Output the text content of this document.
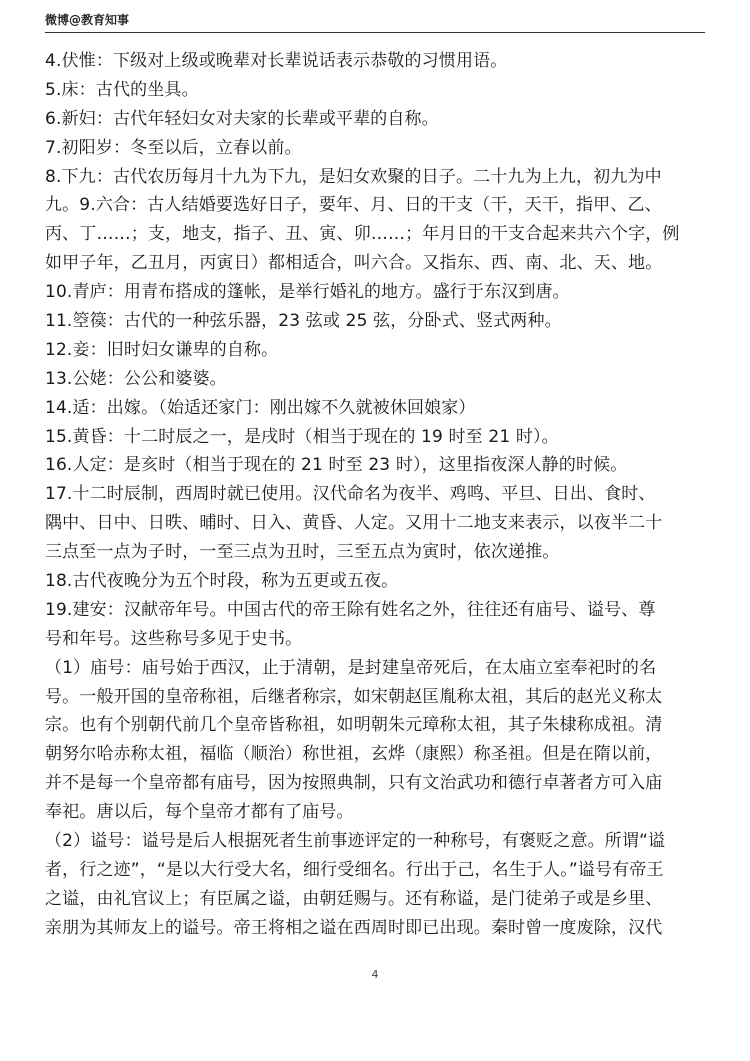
微博@教育知事
4.伏惟：下级对上级或晚辈对长辈说话表示恭敬的习惯用语。
5.床：古代的坐具。
6.新妇：古代年轻妇女对夫家的长辈或平辈的自称。
7.初阳岁：冬至以后，立春以前。
8.下九：古代农历每月十九为下九，是妇女欢聚的日子。二十九为上九，初九为中
九。9.六合：古人结婚要选好日子，要年、月、日的干支（干，天干，指甲、乙、
丙、丁……；支，地支，指子、丑、寅、卯……；年月日的干支合起来共六个字，例
如甲子年，乙丑月，丙寅日）都相适合，叫六合。又指东、西、南、北、天、地。
10.青庐：用青布搭成的篷帐，是举行婚礼的地方。盛行于东汉到唐。
11.箜篌：古代的一种弦乐器，23 弦或 25 弦，分卧式、竖式两种。
12.妾：旧时妇女谦卑的自称。
13.公姥：公公和婆婆。
14.适：出嫁。（始适还家门：刚出嫁不久就被休回娘家）
15.黄昏：十二时辰之一，是戌时（相当于现在的 19 时至 21 时）。
16.人定：是亥时（相当于现在的 21 时至 23 时），这里指夜深人静的时候。
17.十二时辰制，西周时就已使用。汉代命名为夜半、鸡鸣、平旦、日出、食时、
隅中、日中、日昳、晡时、日入、黄昏、人定。又用十二地支来表示，以夜半二十
三点至一点为子时，一至三点为丑时，三至五点为寅时，依次递推。
18.古代夜晚分为五个时段，称为五更或五夜。
19.建安：汉献帝年号。中国古代的帝王除有姓名之外，往往还有庙号、谥号、尊
号和年号。这些称号多见于史书。
（1）庙号：庙号始于西汉，止于清朝，是封建皇帝死后，在太庙立室奉祀时的名
号。一般开国的皇帝称祖，后继者称宗，如宋朝赵匡胤称太祖，其后的赵光义称太
宗。也有个别朝代前几个皇帝皆称祖，如明朝朱元璋称太祖，其子朱棣称成祖。清
朝努尔哈赤称太祖，福临（顺治）称世祖，玄烨（康熙）称圣祖。但是在隋以前，
并不是每一个皇帝都有庙号，因为按照典制，只有文治武功和德行卓著者方可入庙
奉祀。唐以后，每个皇帝才都有了庙号。
（2）谥号：谥号是后人根据死者生前事迹评定的一种称号，有褒贬之意。所谓“谥
者，行之迹”，“是以大行受大名，细行受细名。行出于己，名生于人。”谥号有帝王
之谥，由礼官议上；有臣属之谥，由朝廷赐与。还有称谥，是门徒弟子或是乡里、
亲朋为其师友上的谥号。帝王将相之谥在西周时即已出现。秦时曾一度废除，汉代
4
